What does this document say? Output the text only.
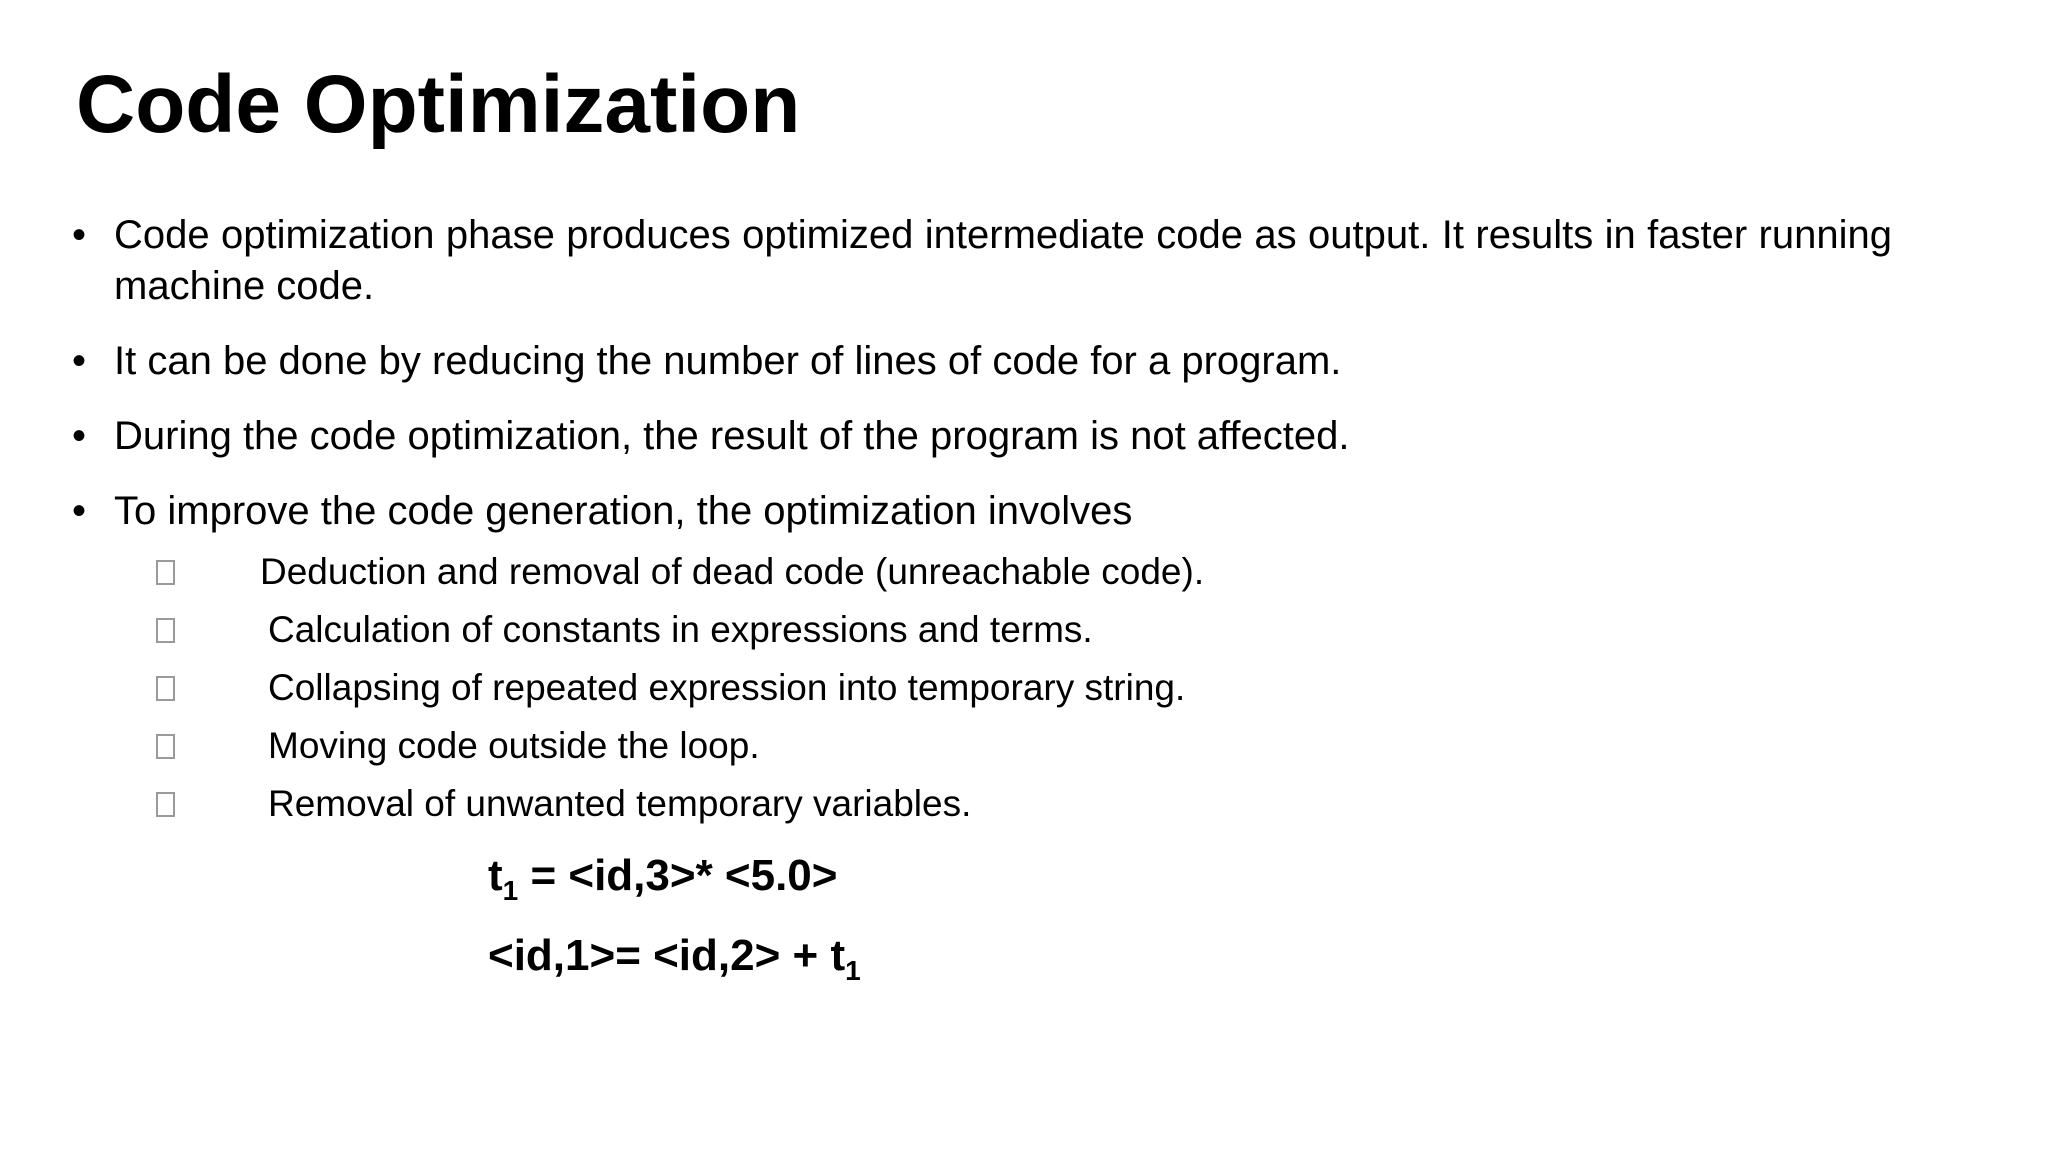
Code Optimization
• Code optimization phase produces optimized intermediate code as output. It results in faster running machine code.
• It can be done by reducing the number of lines of code for a program.
• During the code optimization, the result of the program is not affected.
• To improve the code generation, the optimization involves
Deduction and removal of dead code (unreachable code).
Calculation of constants in expressions and terms.
Collapsing of repeated expression into temporary string.
Moving code outside the loop.
Removal of unwanted temporary variables.
$t_1 = <id,3>* <5.0>$
$<id,1>= <id,2> + t_1$
